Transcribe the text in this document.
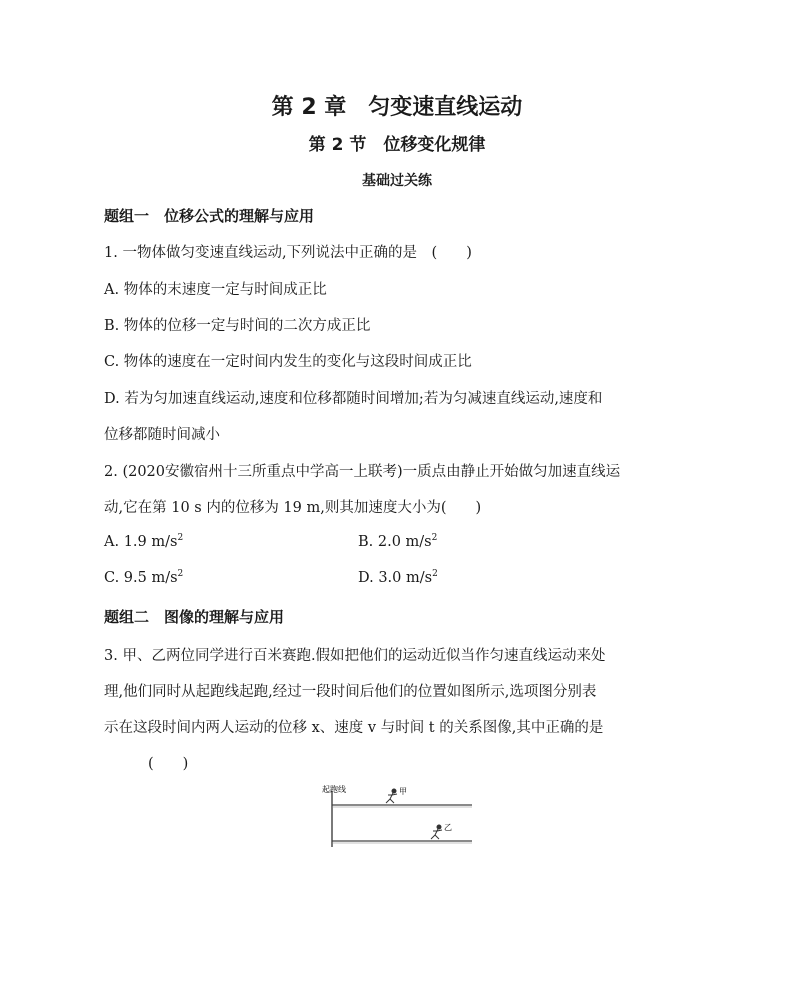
第 2 章　匀变速直线运动
第 2 节　位移变化规律
基础过关练
题组一　位移公式的理解与应用
1. 一物体做匀变速直线运动,下列说法中正确的是　(　　)
A. 物体的末速度一定与时间成正比
B. 物体的位移一定与时间的二次方成正比
C. 物体的速度在一定时间内发生的变化与这段时间成正比
D. 若为匀加速直线运动,速度和位移都随时间增加;若为匀减速直线运动,速度和
位移都随时间减小
2. (2020安徽宿州十三所重点中学高一上联考)一质点由静止开始做匀加速直线运
动,它在第 10 s 内的位移为 19 m,则其加速度大小为(　　)
A. 1.9 $m/s^2$	B. 2.0 $m/s^2$
C. 9.5 $m/s^2$	D. 3.0 $m/s^2$
题组二　图像的理解与应用
3. 甲、乙两位同学进行百米赛跑.假如把他们的运动近似当作匀速直线运动来处
理,他们同时从起跑线起跑,经过一段时间后他们的位置如图所示,选项图分别表
示在这段时间内两人运动的位移 x、速度 v 与时间 t 的关系图像,其中正确的是
(　　)
起跑线	甲
乙
